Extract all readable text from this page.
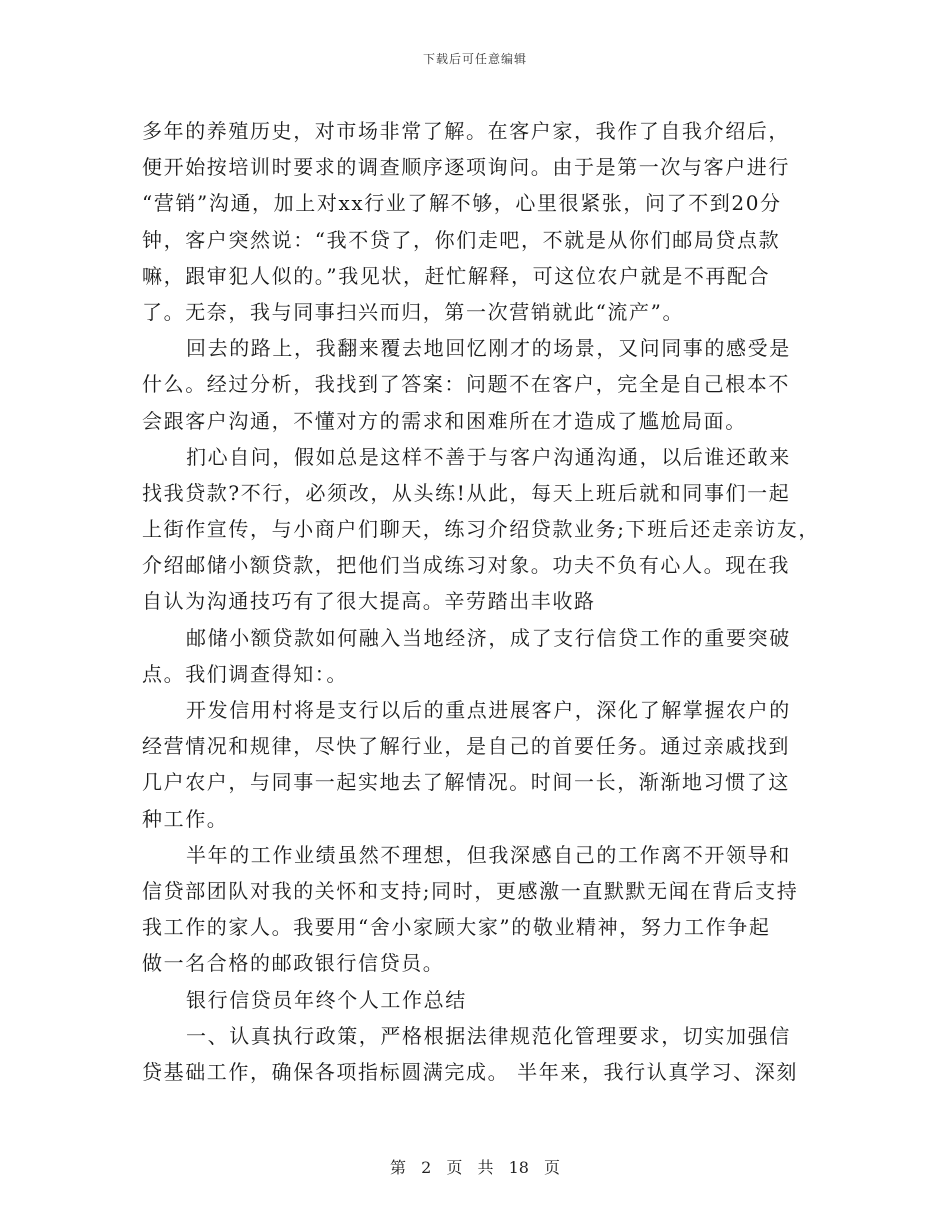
下载后可任意编辑
多年的养殖历史，对市场非常了解。在客户家，我作了自我介绍后，
便开始按培训时要求的调查顺序逐项询问。由于是第一次与客户进行
“营销”沟通，加上对xx行业了解不够，心里很紧张，问了不到20分
钟，客户突然说：“我不贷了，你们走吧，不就是从你们邮局贷点款
嘛，跟审犯人似的。”我见状，赶忙解释，可这位农户就是不再配合
了。无奈，我与同事扫兴而归，第一次营销就此“流产”。
回去的路上，我翻来覆去地回忆刚才的场景，又问同事的感受是
什么。经过分析，我找到了答案：问题不在客户，完全是自己根本不
会跟客户沟通，不懂对方的需求和困难所在才造成了尴尬局面。
扪心自问，假如总是这样不善于与客户沟通沟通，以后谁还敢来
找我贷款?不行，必须改，从头练!从此，每天上班后就和同事们一起
上街作宣传，与小商户们聊天，练习介绍贷款业务;下班后还走亲访友，
介绍邮储小额贷款，把他们当成练习对象。功夫不负有心人。现在我
自认为沟通技巧有了很大提高。辛劳踏出丰收路
邮储小额贷款如何融入当地经济，成了支行信贷工作的重要突破
点。我们调查得知：。
开发信用村将是支行以后的重点进展客户，深化了解掌握农户的
经营情况和规律，尽快了解行业，是自己的首要任务。通过亲戚找到
几户农户，与同事一起实地去了解情况。时间一长，渐渐地习惯了这
种工作。
半年的工作业绩虽然不理想，但我深感自己的工作离不开领导和
信贷部团队对我的关怀和支持;同时，更感激一直默默无闻在背后支持
我工作的家人。我要用“舍小家顾大家”的敬业精神，努力工作争起
做一名合格的邮政银行信贷员。
银行信贷员年终个人工作总结
一、认真执行政策，严格根据法律规范化管理要求，切实加强信
贷基础工作，确保各项指标圆满完成。 半年来，我行认真学习、深刻
第 2 页 共 18 页
